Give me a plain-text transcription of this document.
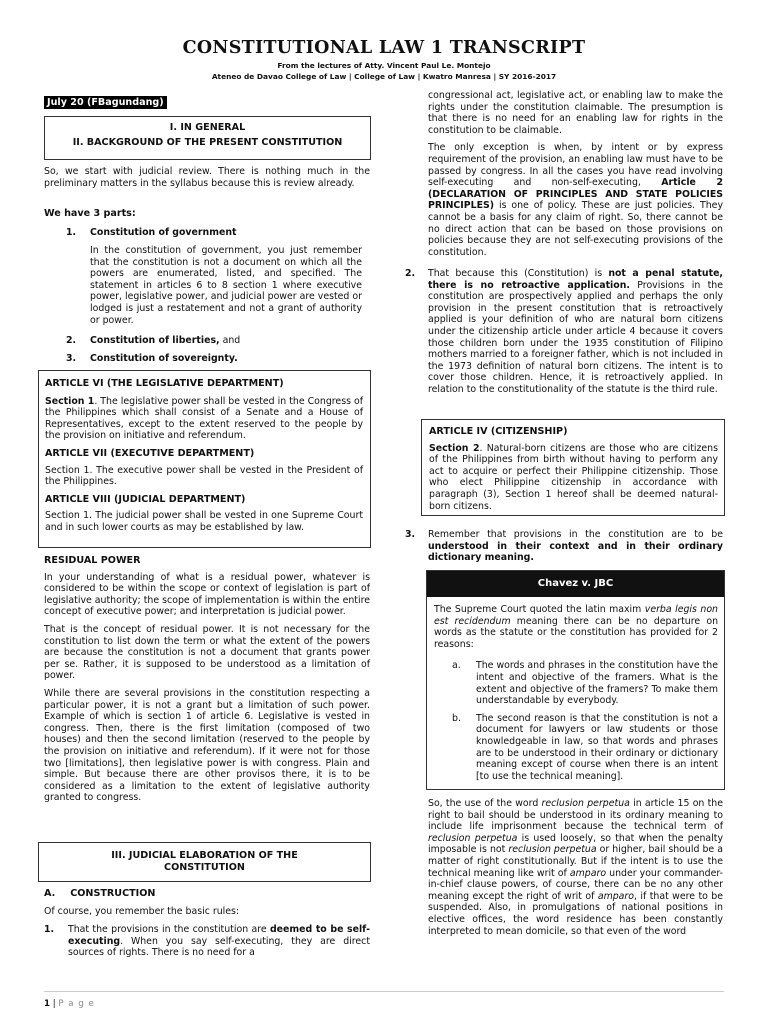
CONSTITUTIONAL LAW 1 TRANSCRIPT
From the lectures of Atty. Vincent Paul Le. Montejo
Ateneo de Davao College of Law | College of Law | Kwatro Manresa | SY 2016-2017
July 20 (FBagundang)
I. IN GENERAL
II. BACKGROUND OF THE PRESENT CONSTITUTION

So, we start with judicial review. There is nothing much in the preliminary matters in the syllabus because this is review already.

We have 3 parts:
1. Constitution of government

In the constitution of government, you just remember that the constitution is not a document on which all the powers are enumerated, listed, and specified. The statement in articles 6 to 8 section 1 where executive power, legislative power, and judicial power are vested or lodged is just a restatement and not a grant of authority or power.

2. Constitution of liberties, and
3. Constitution of sovereignty.

ARTICLE VI (THE LEGISLATIVE DEPARTMENT)

Section 1. The legislative power shall be vested in the Congress of the Philippines which shall consist of a Senate and a House of Representatives, except to the extent reserved to the people by the provision on initiative and referendum.

ARTICLE VII (EXECUTIVE DEPARTMENT)

Section 1. The executive power shall be vested in the President of the Philippines.

ARTICLE VIII (JUDICIAL DEPARTMENT)

Section 1. The judicial power shall be vested in one Supreme Court and in such lower courts as may be established by law.

RESIDUAL POWER

In your understanding of what is a residual power, whatever is considered to be within the scope or context of legislation is part of legislative authority; the scope of implementation is within the entire concept of executive power; and interpretation is judicial power.

That is the concept of residual power. It is not necessary for the constitution to list down the term or what the extent of the powers are because the constitution is not a document that grants power per se. Rather, it is supposed to be understood as a limitation of power.

While there are several provisions in the constitution respecting a particular power, it is not a grant but a limitation of such power. Example of which is section 1 of article 6. Legislative is vested in congress. Then, there is the first limitation (composed of two houses) and then the second limitation (reserved to the people by the provision on initiative and referendum). If it were not for those two [limitations], then legislative power is with congress. Plain and simple. But because there are other provisos there, it is to be considered as a limitation to the extent of legislative authority granted to congress.

III. JUDICIAL ELABORATION OF THE CONSTITUTION
A. CONSTRUCTION

Of course, you remember the basic rules:

1. That the provisions in the constitution are deemed to be self-executing. When you say self-executing, they are direct sources of rights. There is no need for a

congressional act, legislative act, or enabling law to make the rights under the constitution claimable. The presumption is that there is no need for an enabling law for rights in the constitution to be claimable.

The only exception is when, by intent or by express requirement of the provision, an enabling law must have to be passed by congress. In all the cases you have read involving self-executing and non-self-executing, Article 2 (DECLARATION OF PRINCIPLES AND STATE POLICIES PRINCIPLES) is one of policy. These are just policies. They cannot be a basis for any claim of right. So, there cannot be no direct action that can be based on those provisions on policies because they are not self-executing provisions of the constitution.

2. That because this (Constitution) is not a penal statute, there is no retroactive application. Provisions in the constitution are prospectively applied and perhaps the only provision in the present constitution that is retroactively applied is your definition of who are natural born citizens under the citizenship article under article 4 because it covers those children born under the 1935 constitution of Filipino mothers married to a foreigner father, which is not included in the 1973 definition of natural born citizens. The intent is to cover those children. Hence, it is retroactively applied. In relation to the constitutionality of the statute is the third rule.

ARTICLE IV (CITIZENSHIP)

Section 2. Natural-born citizens are those who are citizens of the Philippines from birth without having to perform any act to acquire or perfect their Philippine citizenship. Those who elect Philippine citizenship in accordance with paragraph (3), Section 1 hereof shall be deemed natural-born citizens.

3. Remember that provisions in the constitution are to be understood in their context and in their ordinary dictionary meaning.

Chavez v. JBC

The Supreme Court quoted the latin maxim verba legis non est recidendum meaning there can be no departure on words as the statute or the constitution has provided for 2 reasons:

a. The words and phrases in the constitution have the intent and objective of the framers. What is the extent and objective of the framers? To make them understandable by everybody.

b. The second reason is that the constitution is not a document for lawyers or law students or those knowledgeable in law, so that words and phrases are to be understood in their ordinary or dictionary meaning except of course when there is an intent [to use the technical meaning].

So, the use of the word reclusion perpetua in article 15 on the right to bail should be understood in its ordinary meaning to include life imprisonment because the technical term of reclusion perpetua is used loosely, so that when the penalty imposable is not reclusion perpetua or higher, bail should be a matter of right constitutionally. But if the intent is to use the technical meaning like writ of amparo under your commander-in-chief clause powers, of course, there can be no any other meaning except the right of writ of amparo, if that were to be suspended. Also, in promulgations of national positions in elective offices, the word residence has been constantly interpreted to mean domicile, so that even of the word

1 | P a g e
